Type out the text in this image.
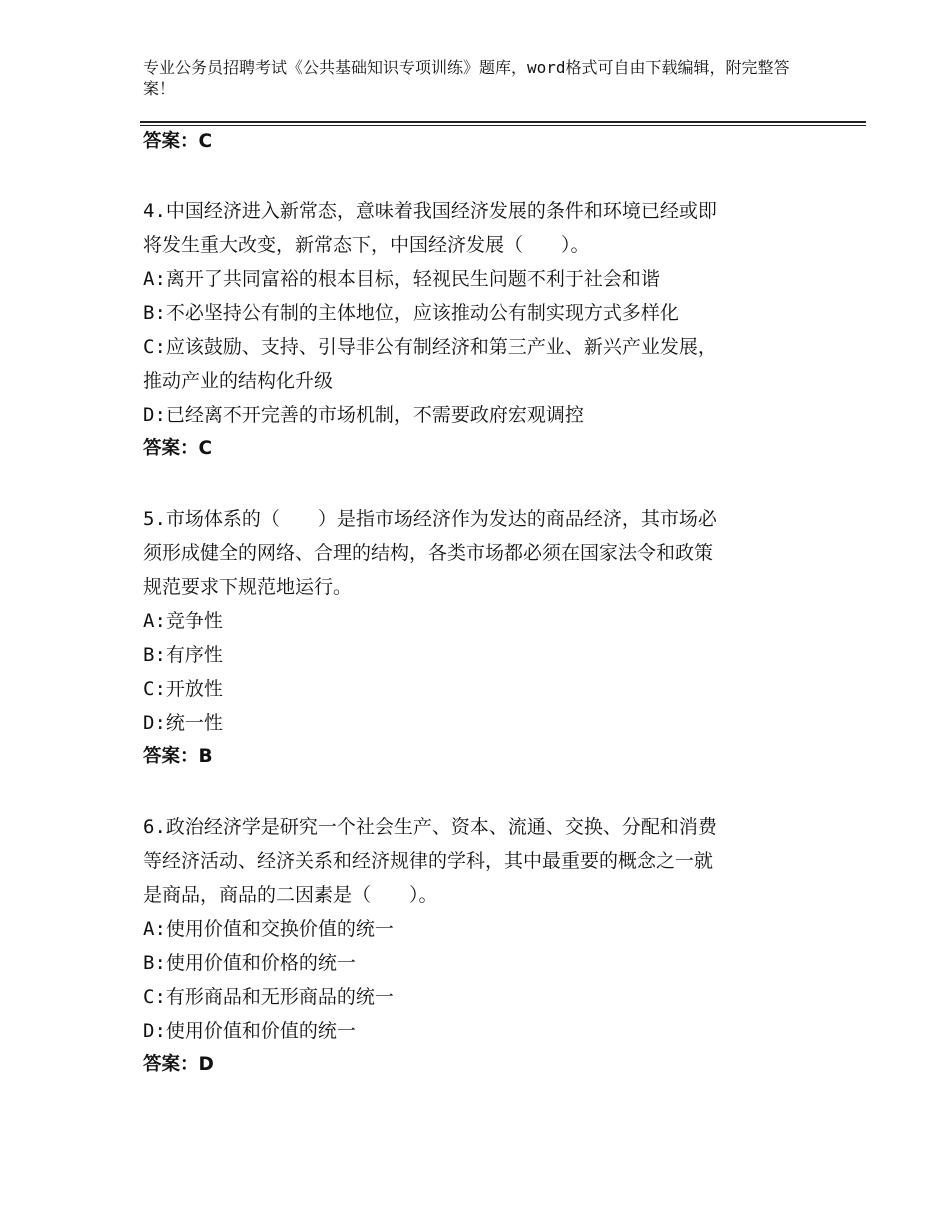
专业公务员招聘考试《公共基础知识专项训练》题库，word格式可自由下载编辑，附完整答案！
答案：C
4.中国经济进入新常态，意味着我国经济发展的条件和环境已经或即
将发生重大改变，新常态下，中国经济发展（　　）。
A:离开了共同富裕的根本目标，轻视民生问题不利于社会和谐
B:不必坚持公有制的主体地位，应该推动公有制实现方式多样化
C:应该鼓励、支持、引导非公有制经济和第三产业、新兴产业发展，
推动产业的结构化升级
D:已经离不开完善的市场机制，不需要政府宏观调控
答案：C
5.市场体系的（　　）是指市场经济作为发达的商品经济，其市场必
须形成健全的网络、合理的结构，各类市场都必须在国家法令和政策
规范要求下规范地运行。
A:竞争性
B:有序性
C:开放性
D:统一性
答案：B
6.政治经济学是研究一个社会生产、资本、流通、交换、分配和消费
等经济活动、经济关系和经济规律的学科，其中最重要的概念之一就
是商品，商品的二因素是（　　）。
A:使用价值和交换价值的统一
B:使用价值和价格的统一
C:有形商品和无形商品的统一
D:使用价值和价值的统一
答案：D
